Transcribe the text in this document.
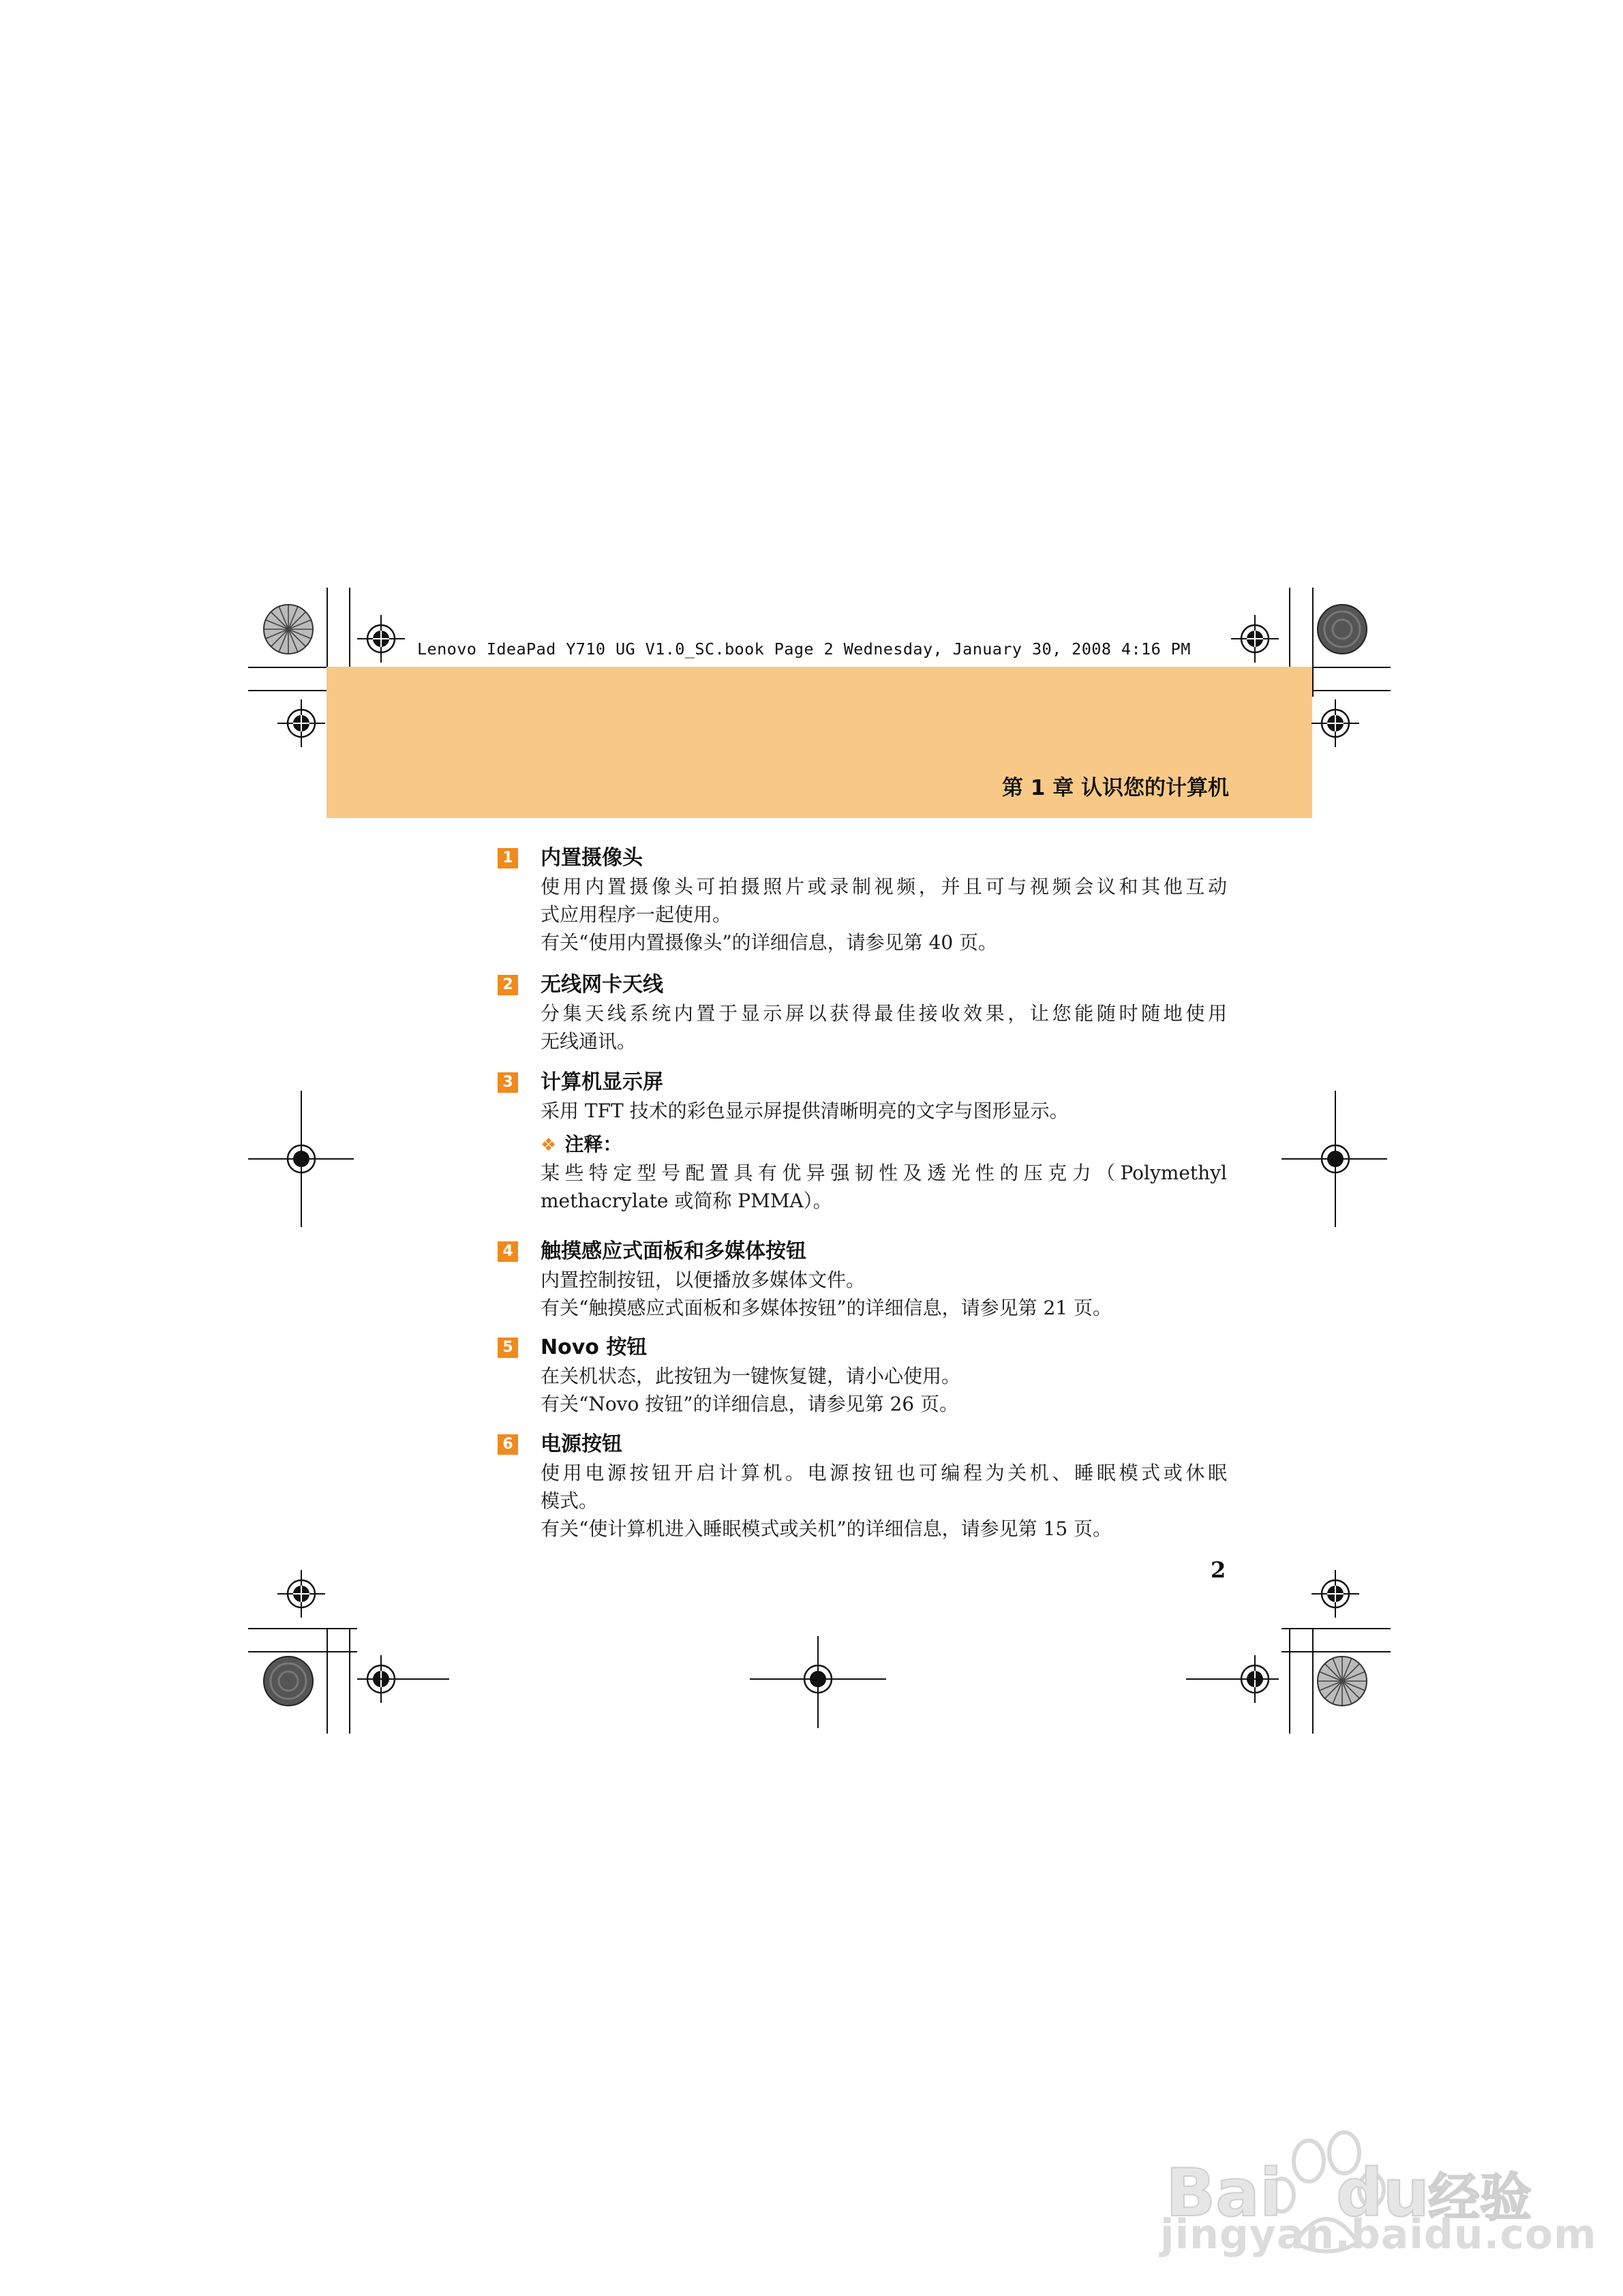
Lenovo IdeaPad Y710 UG V1.0_SC.book Page 2 Wednesday, January 30, 2008 4:16 PM
第 1 章 认识您的计算机
1 内置摄像头
使用内置摄像头可拍摄照片或录制视频，并且可与视频会议和其他互动
式应用程序一起使用。
有关“使用内置摄像头”的详细信息，请参见第 40 页。
2 无线网卡天线
分集天线系统内置于显示屏以获得最佳接收效果，让您能随时随地使用
无线通讯。
3 计算机显示屏
采用 TFT 技术的彩色显示屏提供清晰明亮的文字与图形显示。
❖ 注释：
某些特定型号配置具有优异强韧性及透光性的压克力（Polymethyl
methacrylate 或简称 PMMA）。
4 触摸感应式面板和多媒体按钮
内置控制按钮，以便播放多媒体文件。
有关“触摸感应式面板和多媒体按钮”的详细信息，请参见第 21 页。
5 Novo 按钮
在关机状态，此按钮为一键恢复键，请小心使用。
有关“Novo 按钮”的详细信息，请参见第 26 页。
6 电源按钮
使用电源按钮开启计算机。电源按钮也可编程为关机、睡眠模式或休眠
模式。
有关“使计算机进入睡眠模式或关机”的详细信息，请参见第 15 页。
2
Bai du
经验
jingyan.baidu.com
